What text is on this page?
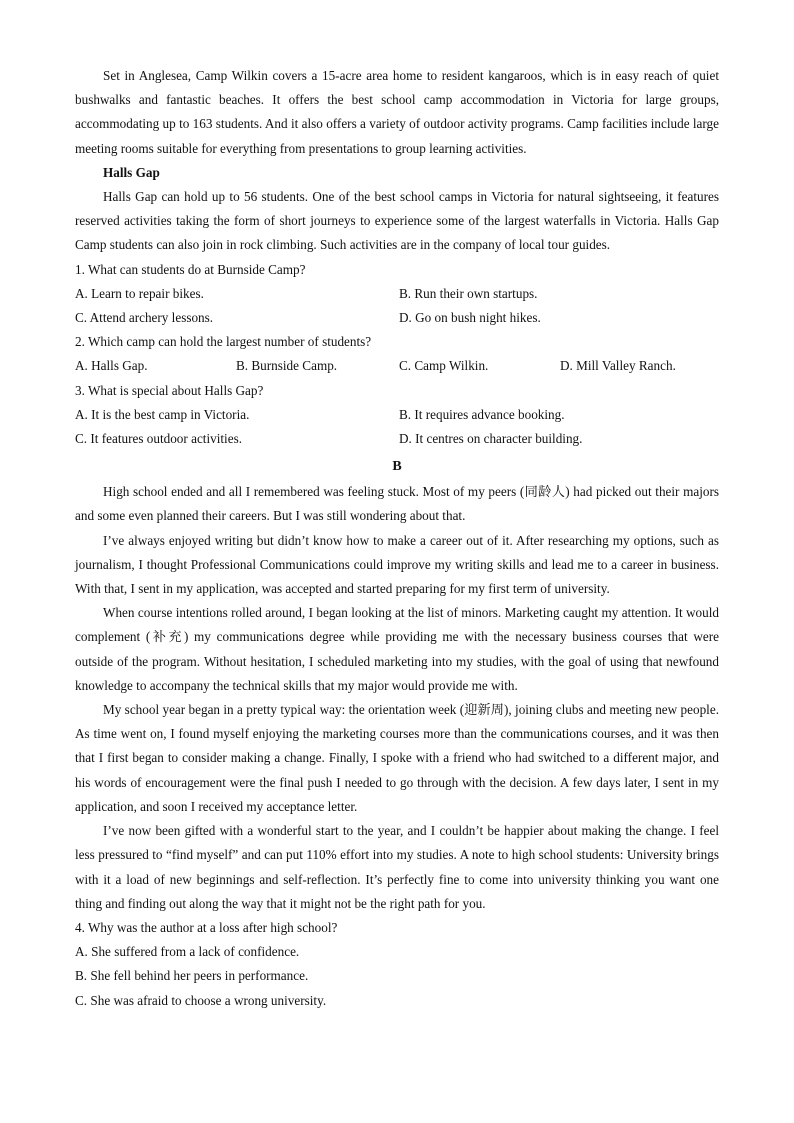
Set in Anglesea, Camp Wilkin covers a 15-acre area home to resident kangaroos, which is in easy reach of quiet bushwalks and fantastic beaches. It offers the best school camp accommodation in Victoria for large groups, accommodating up to 163 students. And it also offers a variety of outdoor activity programs. Camp facilities include large meeting rooms suitable for everything from presentations to group learning activities.

Halls Gap

Halls Gap can hold up to 56 students. One of the best school camps in Victoria for natural sightseeing, it features reserved activities taking the form of short journeys to experience some of the largest waterfalls in Victoria. Halls Gap Camp students can also join in rock climbing. Such activities are in the company of local tour guides.

1. What can students do at Burnside Camp?
A. Learn to repair bikes.	B. Run their own startups.
C. Attend archery lessons.	D. Go on bush night hikes.
2. Which camp can hold the largest number of students?
A. Halls Gap.	B. Burnside Camp.	C. Camp Wilkin.	D. Mill Valley Ranch.
3. What is special about Halls Gap?
A. It is the best camp in Victoria.	B. It requires advance booking.
C. It features outdoor activities.	D. It centres on character building.
B

High school ended and all I remembered was feeling stuck. Most of my peers (同龄人) had picked out their majors and some even planned their careers. But I was still wondering about that.

I’ve always enjoyed writing but didn’t know how to make a career out of it. After researching my options, such as journalism, I thought Professional Communications could improve my writing skills and lead me to a career in business. With that, I sent in my application, was accepted and started preparing for my first term of university.

When course intentions rolled around, I began looking at the list of minors. Marketing caught my attention. It would complement (补充) my communications degree while providing me with the necessary business courses that were outside of the program. Without hesitation, I scheduled marketing into my studies, with the goal of using that newfound knowledge to accompany the technical skills that my major would provide me with.

My school year began in a pretty typical way: the orientation week (迎新周), joining clubs and meeting new people. As time went on, I found myself enjoying the marketing courses more than the communications courses, and it was then that I first began to consider making a change. Finally, I spoke with a friend who had switched to a different major, and his words of encouragement were the final push I needed to go through with the decision. A few days later, I sent in my application, and soon I received my acceptance letter.

I’ve now been gifted with a wonderful start to the year, and I couldn’t be happier about making the change. I feel less pressured to “find myself” and can put 110% effort into my studies. A note to high school students: University brings with it a load of new beginnings and self-reflection. It’s perfectly fine to come into university thinking you want one thing and finding out along the way that it might not be the right path for you.

4. Why was the author at a loss after high school?
A. She suffered from a lack of confidence.
B. She fell behind her peers in performance.
C. She was afraid to choose a wrong university.
